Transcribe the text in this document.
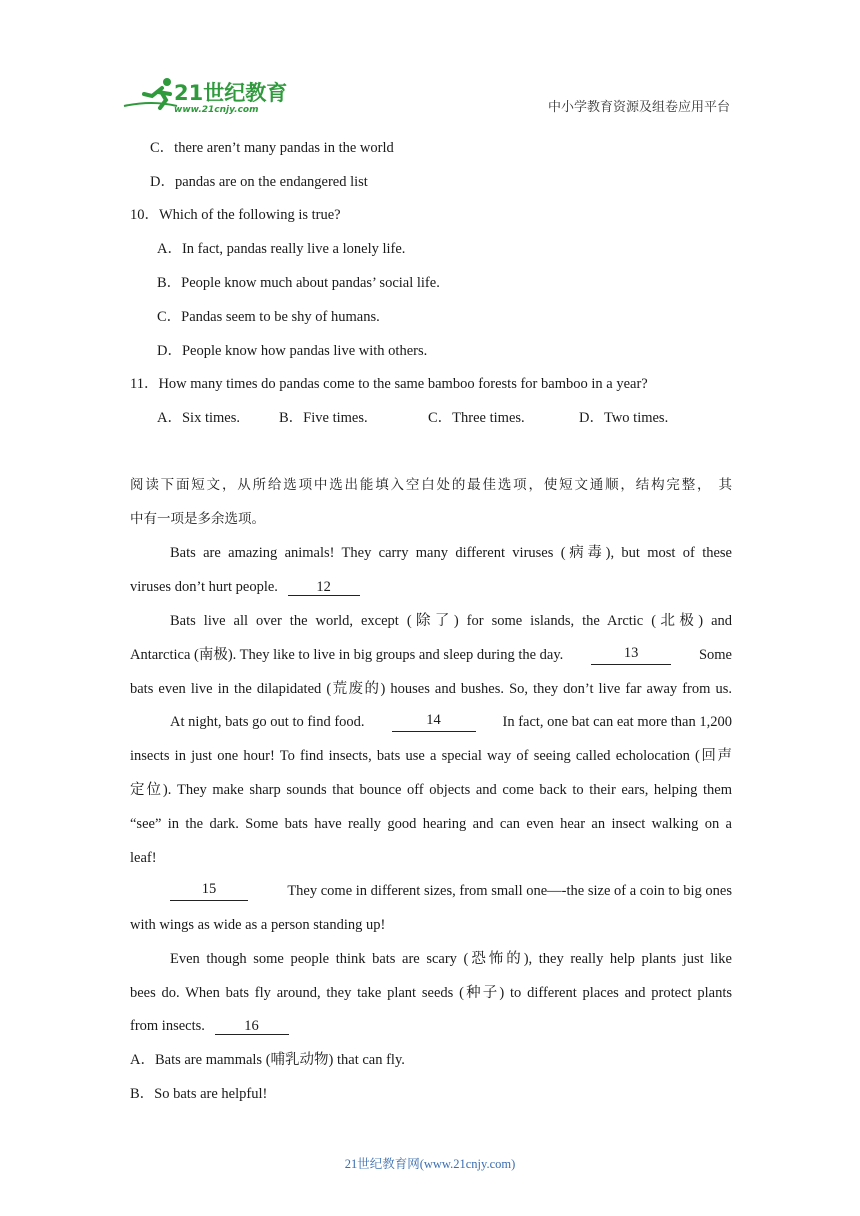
21世纪教育
www.21cnjy.com	中小学教育资源及组卷应用平台
C．there aren’t many pandas in the world
D．pandas are on the endangered list
10．Which of the following is true?
A．In fact, pandas really live a lonely life.
B．People know much about pandas’ social life.
C．Pandas seem to be shy of humans.
D．People know how pandas live with others.
11．How many times do pandas come to the same bamboo forests for bamboo in a year?
A．Six times.	B．Five times.	C．Three times.	D．Two times.
阅读下面短文，从所给选项中选出能填入空白处的最佳选项，使短文通顺，结构完整， 其
中有一项是多余选项。
Bats are amazing animals! They carry many different viruses (病毒), but most of these
viruses don’t hurt people.	12
Bats live all over the world, except (除了) for some islands, the Arctic (北极) and
Antarctica (南极). They like to live in big groups and sleep during the day.	13	Some
bats even live in the dilapidated (荒废的) houses and bushes. So, they don’t live far away from us.
At night, bats go out to find food.	14	In fact, one bat can eat more than 1,200
insects in just one hour! To find insects, bats use a special way of seeing called echolocation (回声
定位). They make sharp sounds that bounce off objects and come back to their ears, helping them
“see” in the dark. Some bats have really good hearing and can even hear an insect walking on a
leaf!
15	They come in different sizes, from small one—-the size of a coin to big ones
with wings as wide as a person standing up!
Even though some people think bats are scary (恐怖的), they really help plants just like
bees do. When bats fly around, they take plant seeds (种子) to different places and protect plants
from insects.	16
A．Bats are mammals (哺乳动物) that can fly.
B．So bats are helpful!
21世纪教育网(www.21cnjy.com)
